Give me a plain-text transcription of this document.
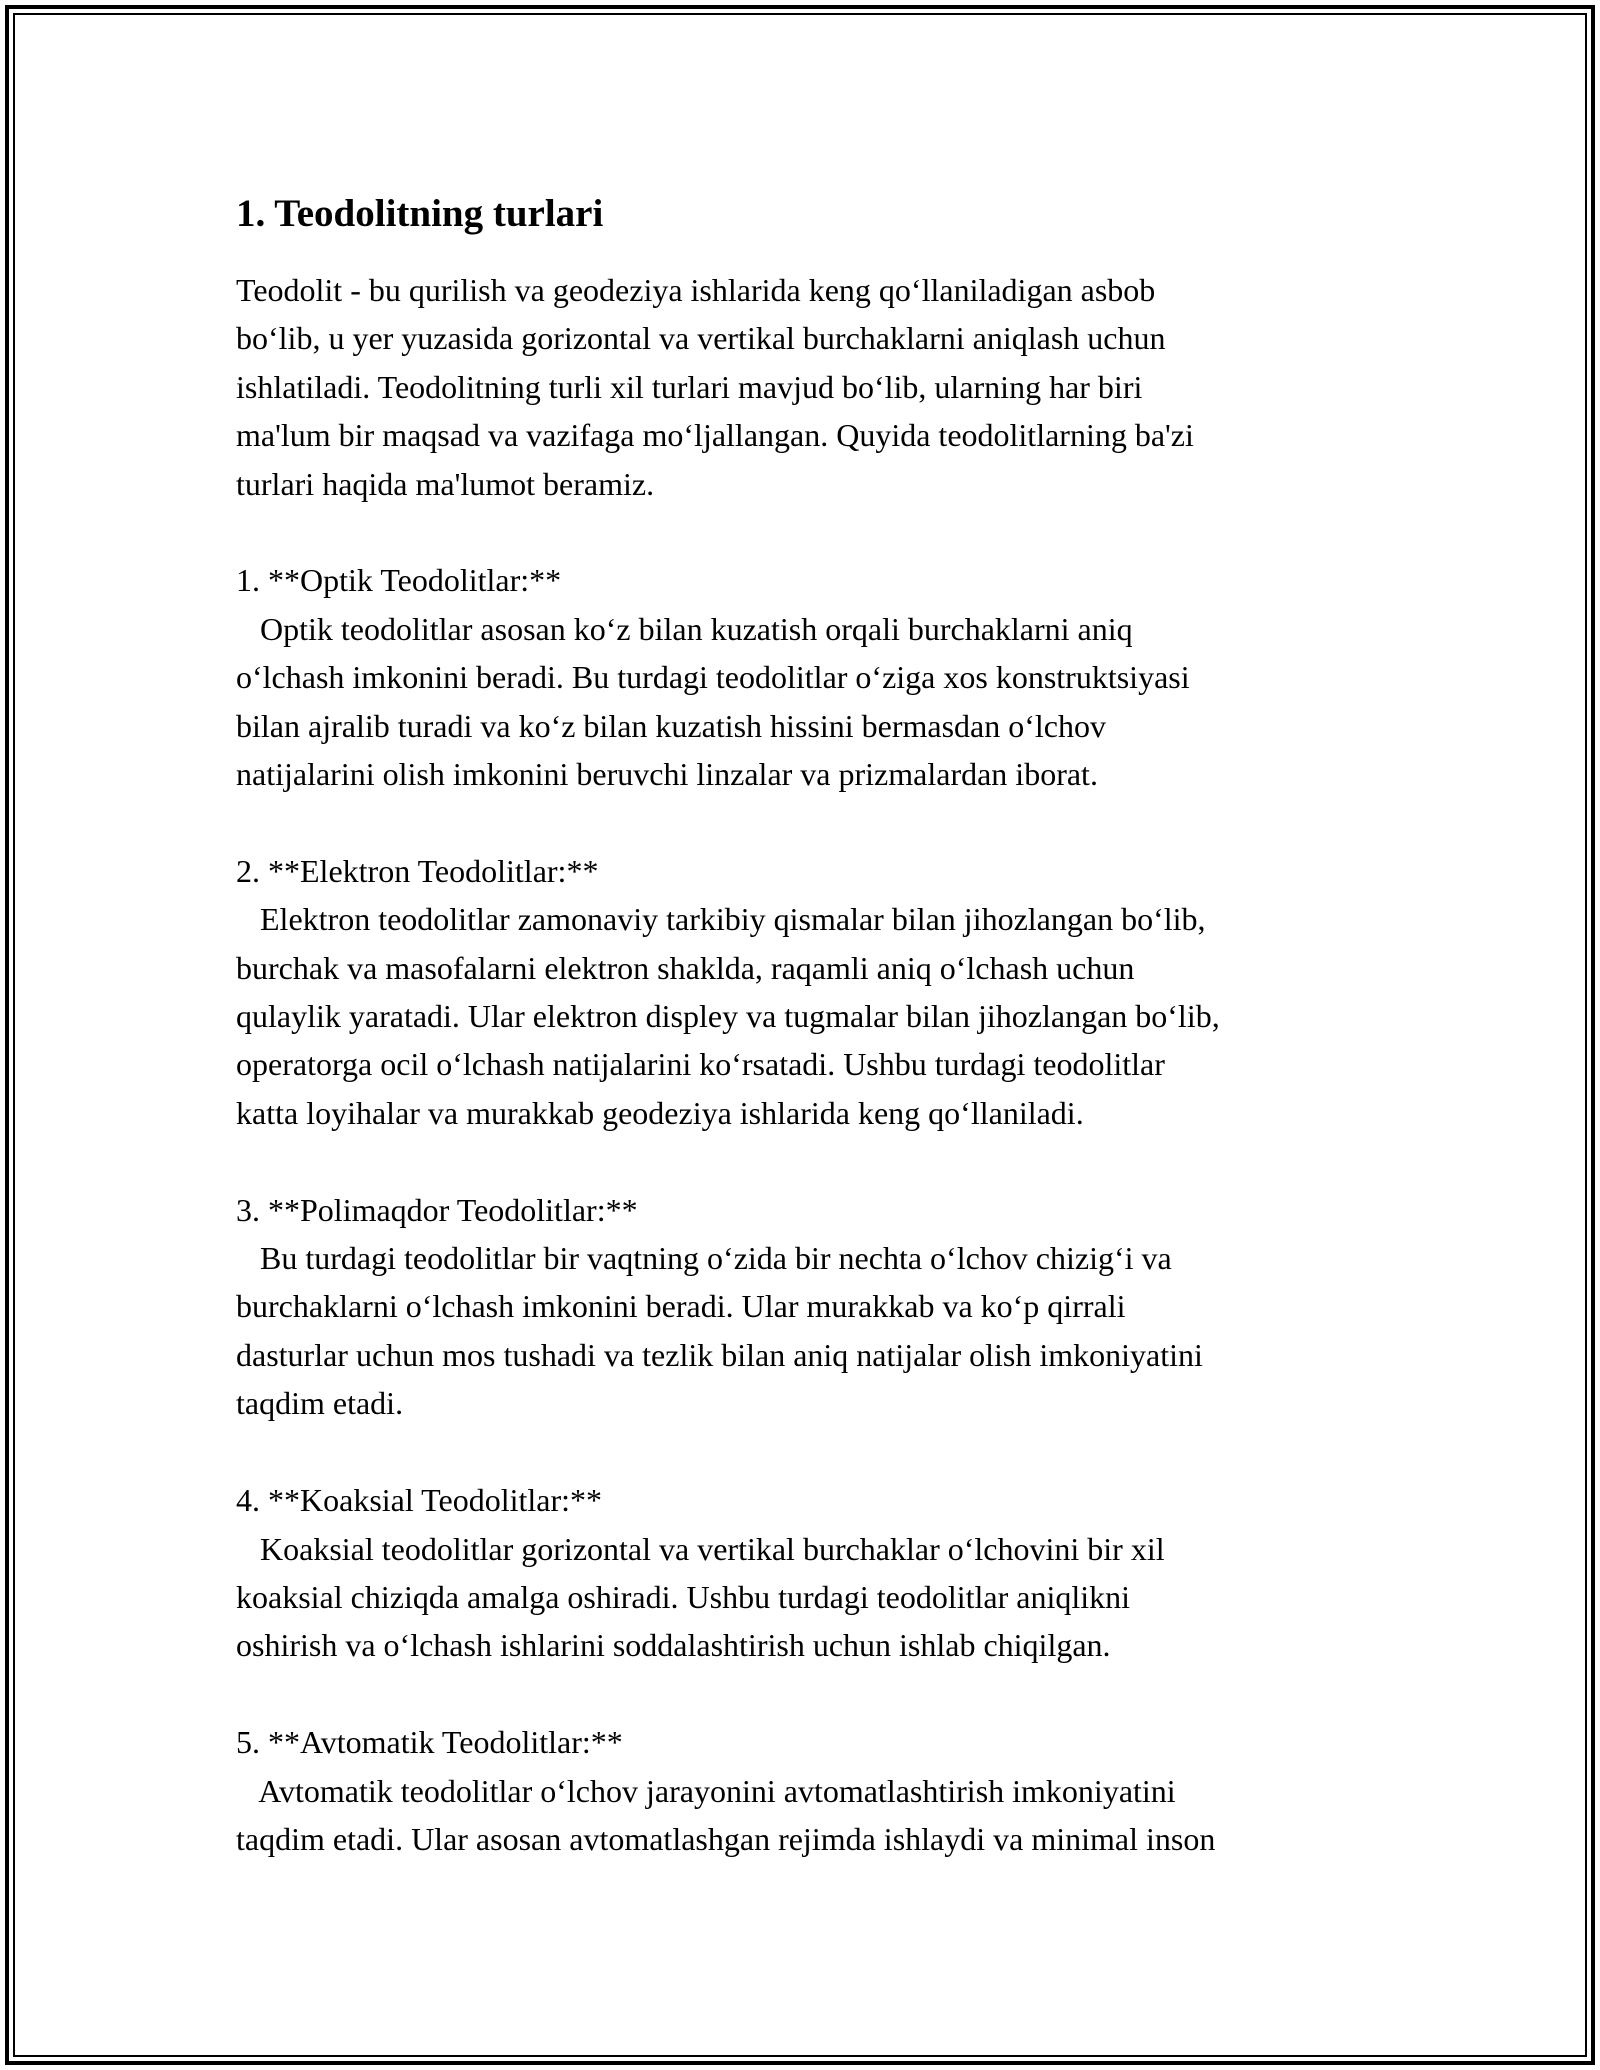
1. Teodolitning turlari

Teodolit - bu qurilish va geodeziya ishlarida keng qo‘llaniladigan asbob

bo‘lib, u yer yuzasida gorizontal va vertikal burchaklarni aniqlash uchun

ishlatiladi. Teodolitning turli xil turlari mavjud bo‘lib, ularning har biri

ma'lum bir maqsad va vazifaga mo‘ljallangan. Quyida teodolitlarning ba'zi

turlari haqida ma'lumot beramiz.

1. **Optik Teodolitlar:**

Optik teodolitlar asosan ko‘z bilan kuzatish orqali burchaklarni aniq

o‘lchash imkonini beradi. Bu turdagi teodolitlar o‘ziga xos konstruktsiyasi

bilan ajralib turadi va ko‘z bilan kuzatish hissini bermasdan o‘lchov

natijalarini olish imkonini beruvchi linzalar va prizmalardan iborat.

2. **Elektron Teodolitlar:**

Elektron teodolitlar zamonaviy tarkibiy qismalar bilan jihozlangan bo‘lib,

burchak va masofalarni elektron shaklda, raqamli aniq o‘lchash uchun

qulaylik yaratadi. Ular elektron displey va tugmalar bilan jihozlangan bo‘lib,

operatorga ocil o‘lchash natijalarini ko‘rsatadi. Ushbu turdagi teodolitlar

katta loyihalar va murakkab geodeziya ishlarida keng qo‘llaniladi.

3. **Polimaqdor Teodolitlar:**

Bu turdagi teodolitlar bir vaqtning o‘zida bir nechta o‘lchov chizig‘i va

burchaklarni o‘lchash imkonini beradi. Ular murakkab va ko‘p qirrali

dasturlar uchun mos tushadi va tezlik bilan aniq natijalar olish imkoniyatini

taqdim etadi.

4. **Koaksial Teodolitlar:**

Koaksial teodolitlar gorizontal va vertikal burchaklar o‘lchovini bir xil

koaksial chiziqda amalga oshiradi. Ushbu turdagi teodolitlar aniqlikni

oshirish va o‘lchash ishlarini soddalashtirish uchun ishlab chiqilgan.

5. **Avtomatik Teodolitlar:**

Avtomatik teodolitlar o‘lchov jarayonini avtomatlashtirish imkoniyatini

taqdim etadi. Ular asosan avtomatlashgan rejimda ishlaydi va minimal inson
